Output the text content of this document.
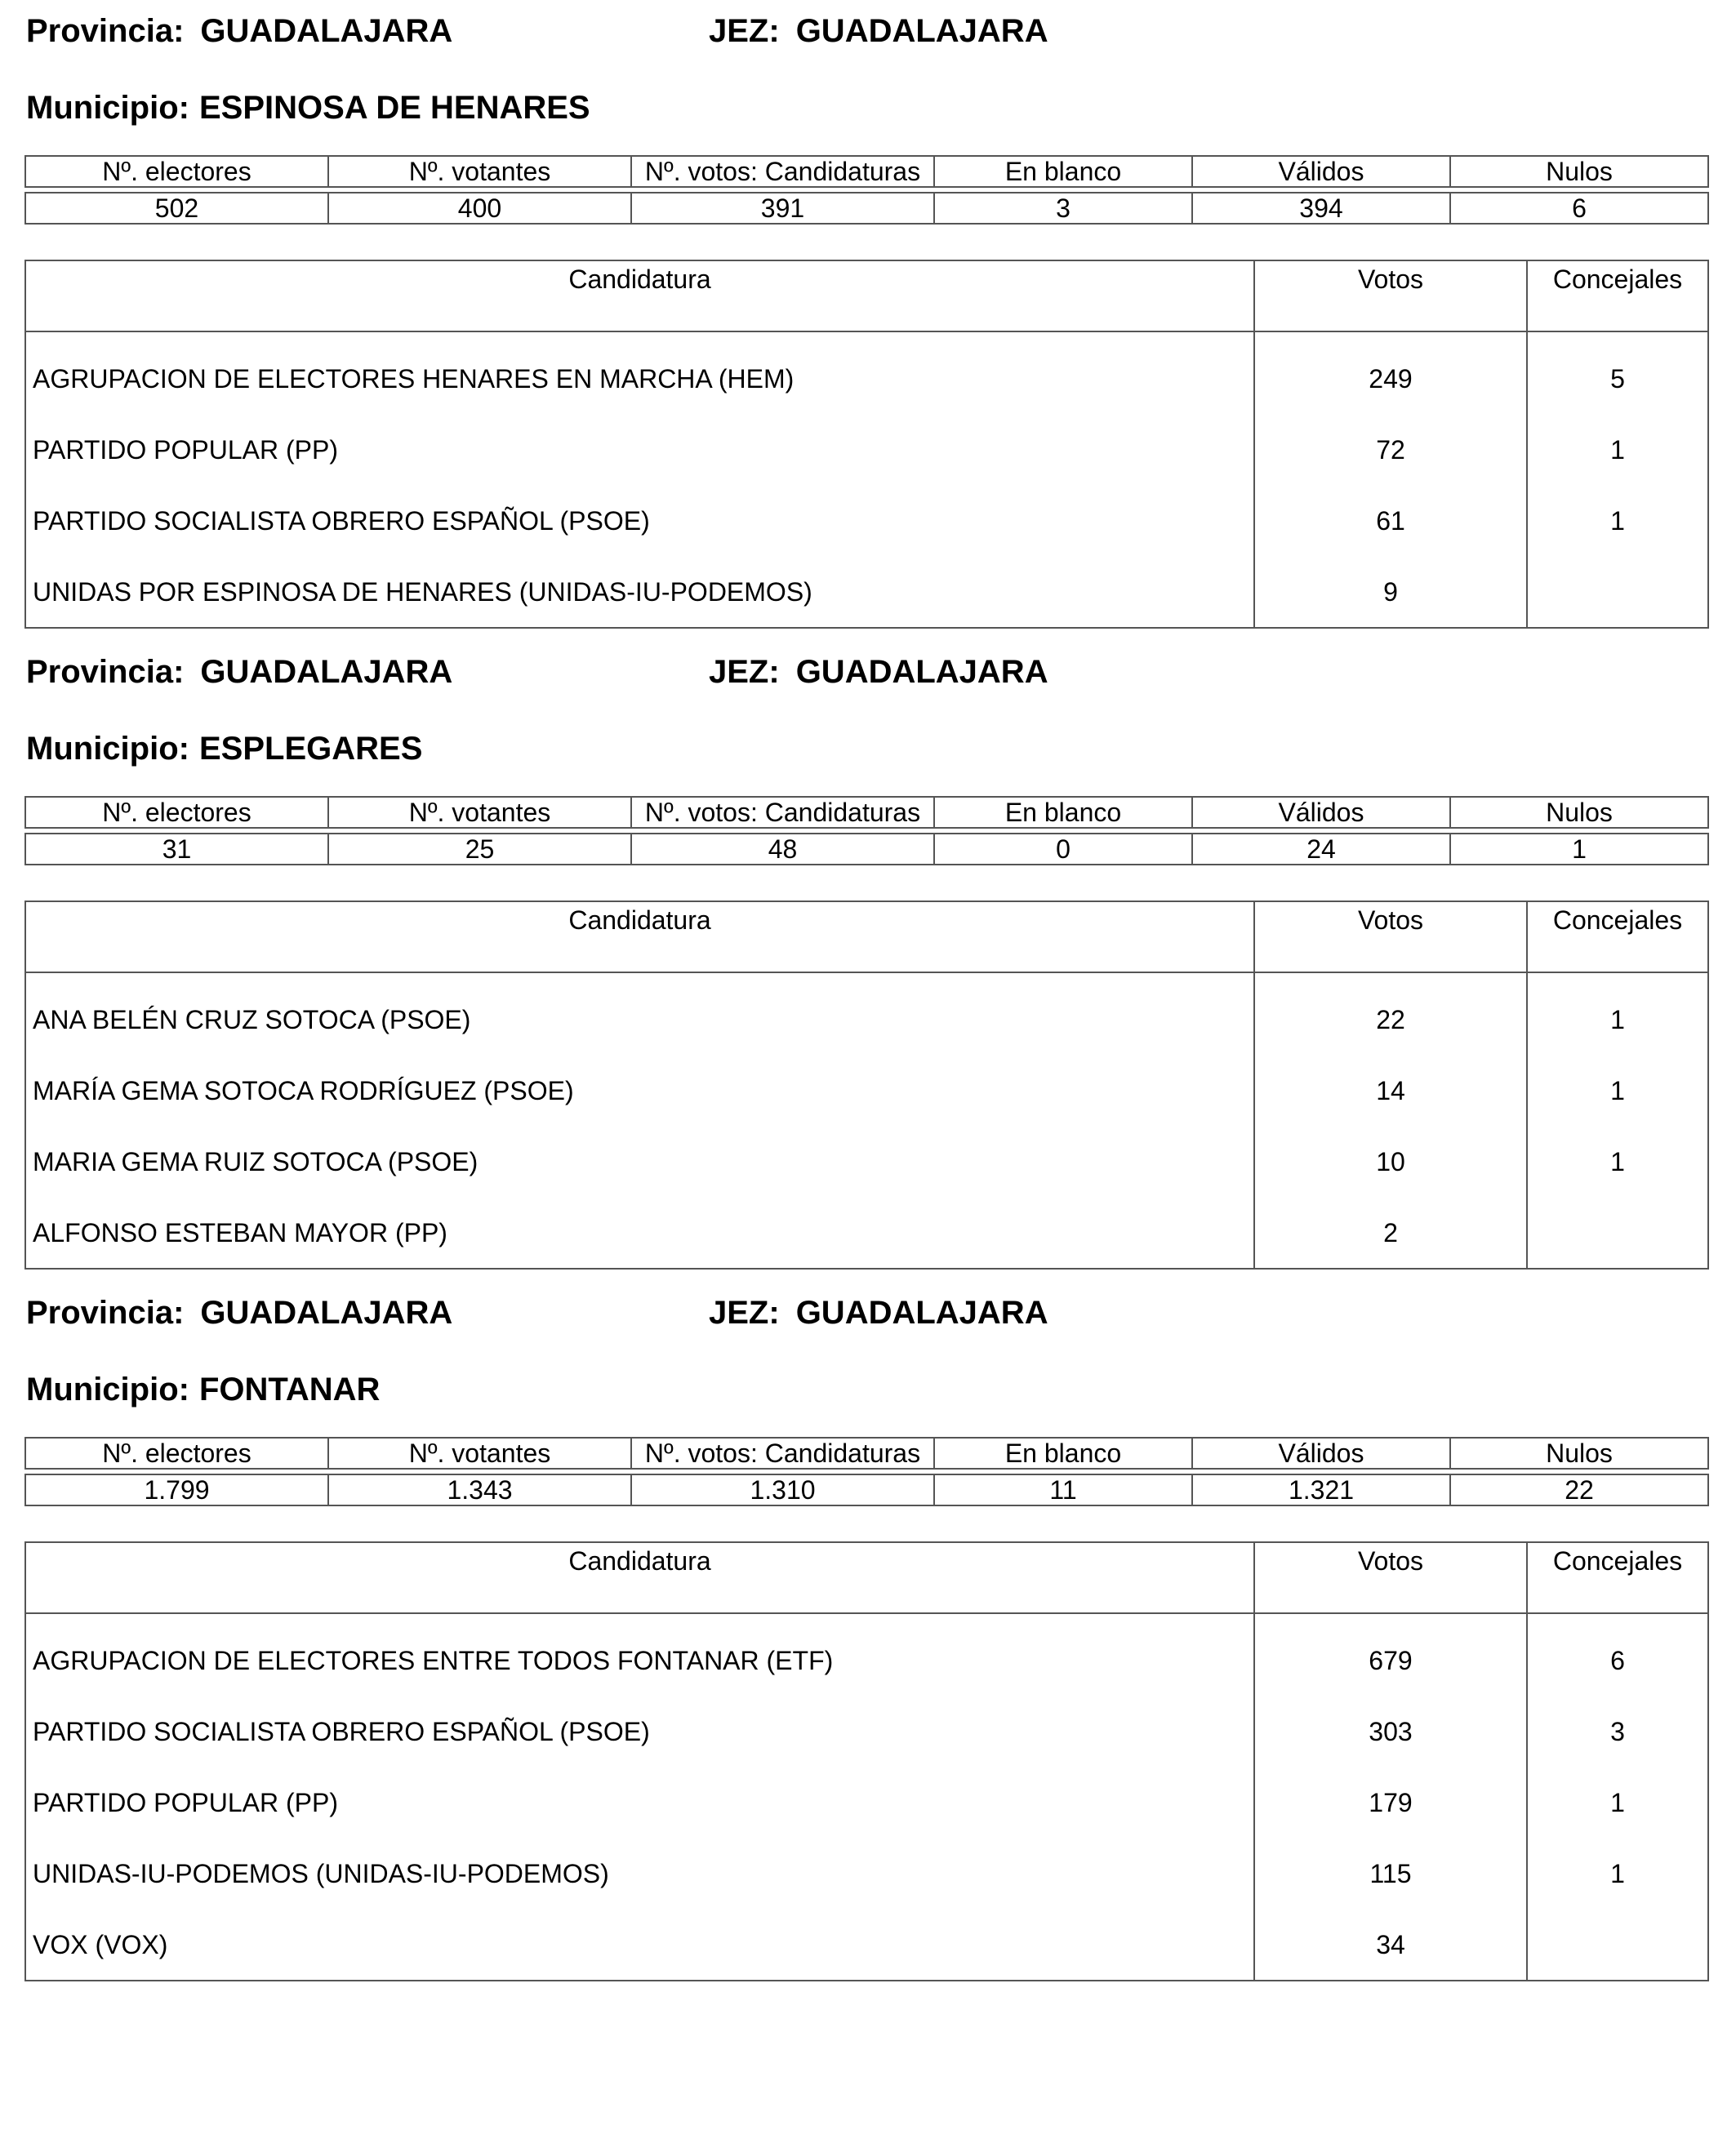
Provincia: GUADALAJARA	JEZ: GUADALAJARA
Municipio: ESPINOSA DE HENARES
Nº. electores	Nº. votantes	Nº. votos: Candidaturas	En blanco	Válidos	Nulos

502	400	391	3	394	6
Candidatura	Votos	Concejales
AGRUPACION DE ELECTORES HENARES EN MARCHA (HEM)	249	5
PARTIDO POPULAR (PP)	72	1
PARTIDO SOCIALISTA OBRERO ESPAÑOL (PSOE)	61	1
UNIDAS POR ESPINOSA DE HENARES (UNIDAS-IU-PODEMOS)	9	
Provincia: GUADALAJARA	JEZ: GUADALAJARA
Municipio: ESPLEGARES
Nº. electores	Nº. votantes	Nº. votos: Candidaturas	En blanco	Válidos	Nulos

31	25	48	0	24	1
Candidatura	Votos	Concejales
ANA BELÉN CRUZ SOTOCA (PSOE)	22	1
MARÍA GEMA SOTOCA RODRÍGUEZ (PSOE)	14	1
MARIA GEMA RUIZ SOTOCA (PSOE)	10	1
ALFONSO ESTEBAN MAYOR (PP)	2	
Provincia: GUADALAJARA	JEZ: GUADALAJARA
Municipio: FONTANAR
Nº. electores	Nº. votantes	Nº. votos: Candidaturas	En blanco	Válidos	Nulos

1.799	1.343	1.310	11	1.321	22
Candidatura	Votos	Concejales
AGRUPACION DE ELECTORES ENTRE TODOS FONTANAR (ETF)	679	6
PARTIDO SOCIALISTA OBRERO ESPAÑOL (PSOE)	303	3
PARTIDO POPULAR (PP)	179	1
UNIDAS-IU-PODEMOS (UNIDAS-IU-PODEMOS)	115	1
VOX (VOX)	34	
